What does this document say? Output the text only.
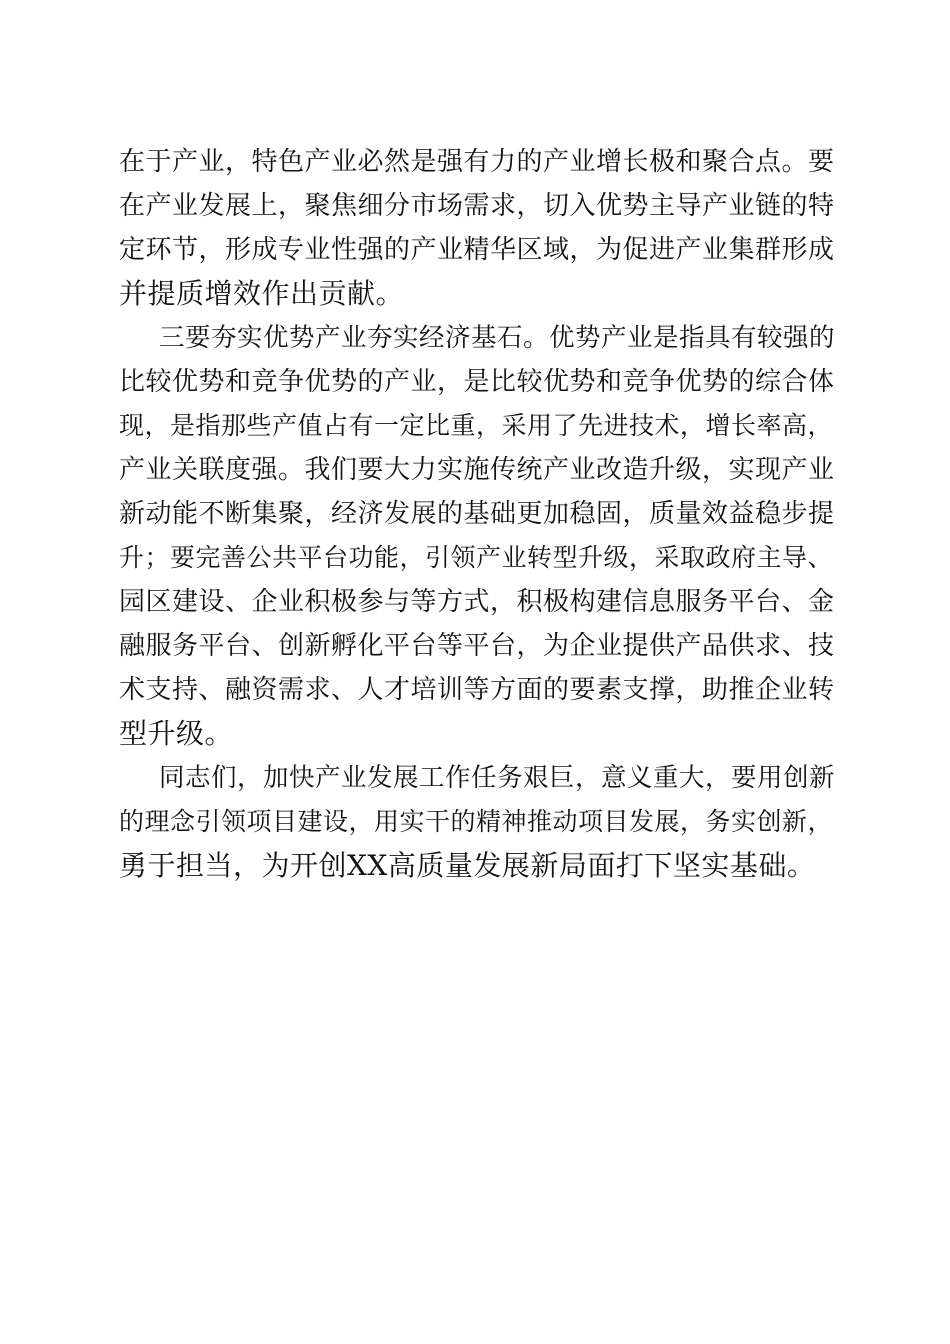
在于产业，特色产业必然是强有力的产业增长极和聚合点。要
在产业发展上，聚焦细分市场需求，切入优势主导产业链的特
定环节，形成专业性强的产业精华区域，为促进产业集群形成
并提质增效作出贡献。
三要夯实优势产业夯实经济基石。优势产业是指具有较强的
比较优势和竞争优势的产业，是比较优势和竞争优势的综合体
现，是指那些产值占有一定比重，采用了先进技术，增长率高，
产业关联度强。我们要大力实施传统产业改造升级，实现产业
新动能不断集聚，经济发展的基础更加稳固，质量效益稳步提
升；要完善公共平台功能，引领产业转型升级，采取政府主导、
园区建设、企业积极参与等方式，积极构建信息服务平台、金
融服务平台、创新孵化平台等平台，为企业提供产品供求、技
术支持、融资需求、人才培训等方面的要素支撑，助推企业转
型升级。
同志们，加快产业发展工作任务艰巨，意义重大，要用创新
的理念引领项目建设，用实干的精神推动项目发展，务实创新，
勇于担当，为开创XX高质量发展新局面打下坚实基础。
